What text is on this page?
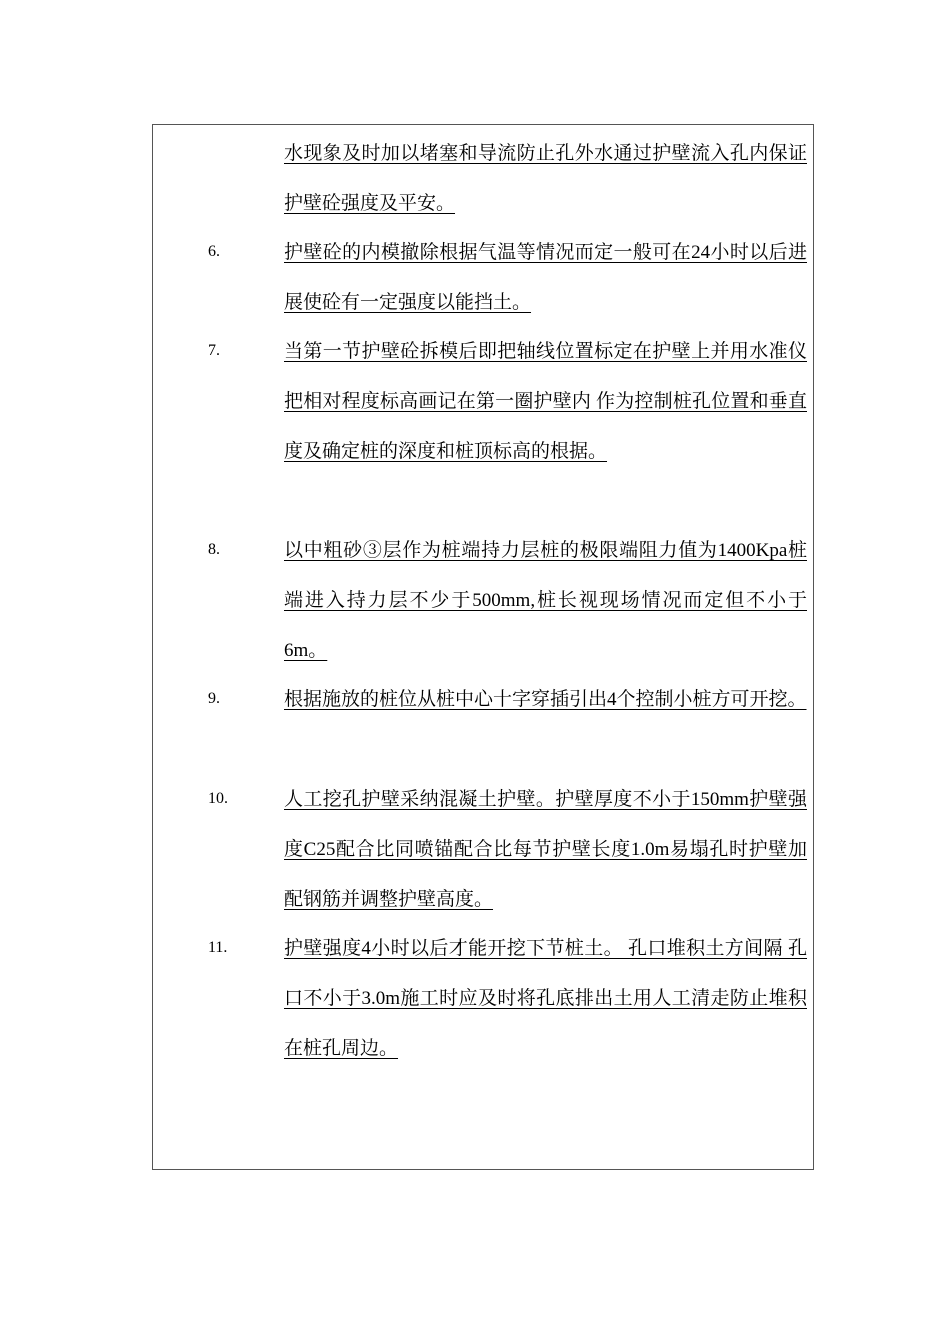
水现象及时加以堵塞和导流防止孔外水通过护壁流入孔内保证护壁砼强度及平安。
6.	护壁砼的内模撤除根据气温等情况而定一般可在24小时以后进展使砼有一定强度以能挡土。
7.	当第一节护壁砼拆模后即把轴线位置标定在护壁上并用水准仪把相对程度标高画记在第一圈护壁内 作为控制桩孔位置和垂直度及确定桩的深度和桩顶标高的根据。
8.	以中粗砂③层作为桩端持力层桩的极限端阻力值为1400Kpa桩端进入持力层不少于500mm,桩长视现场情况而定但不小于6m。
9.	根据施放的桩位从桩中心十字穿插引出4个控制小桩方可开挖。
10.	人工挖孔护壁采纳混凝土护壁。护壁厚度不小于150mm护壁强度C25配合比同喷锚配合比每节护壁长度1.0m易塌孔时护壁加配钢筋并调整护壁高度。
11.	护壁强度4小时以后才能开挖下节桩土。 孔口堆积土方间隔 孔口不小于3.0m施工时应及时将孔底排出土用人工清走防止堆积在桩孔周边。
